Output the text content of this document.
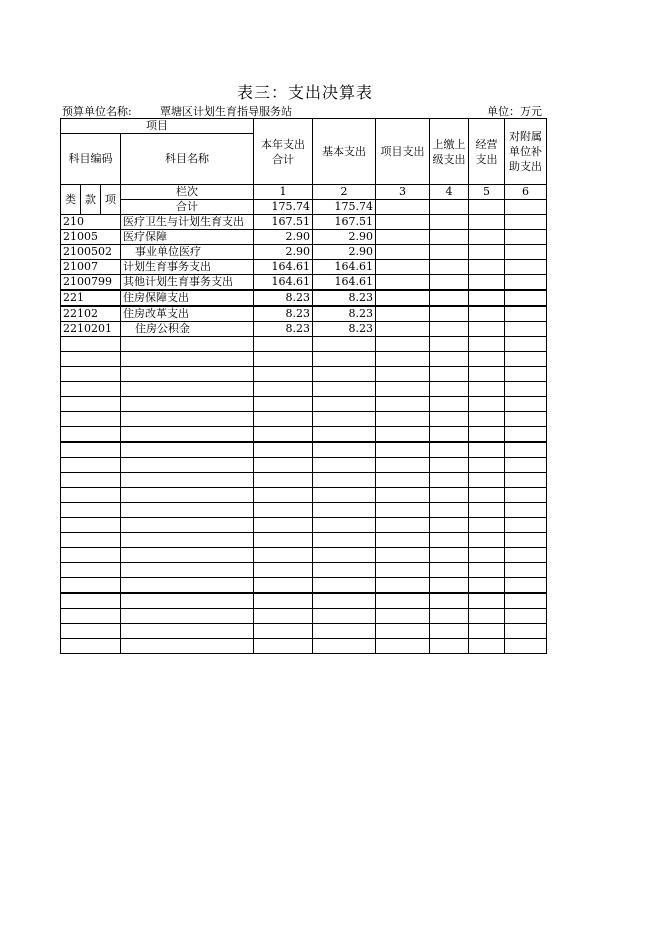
表三：支出决算表
预算单位名称:	覃塘区计划生育指导服务站	单位：万元
项目				本年支出合计	基本支出	项目支出	上缴上级支出	经营支出	对附属单位补助支出
科目编码			科目名称						
类	款	项	栏次	1	2	3	4	5	6
			合计	175.74	175.74				
210			医疗卫生与计划生育支出	167.51	167.51				
21005			医疗保障	2.90	2.90				
2100502			事业单位医疗	2.90	2.90				
21007			计划生育事务支出	164.61	164.61				
2100799			其他计划生育事务支出	164.61	164.61				
221			住房保障支出	8.23	8.23				
22102			住房改革支出	8.23	8.23				
2210201			住房公积金	8.23	8.23				
